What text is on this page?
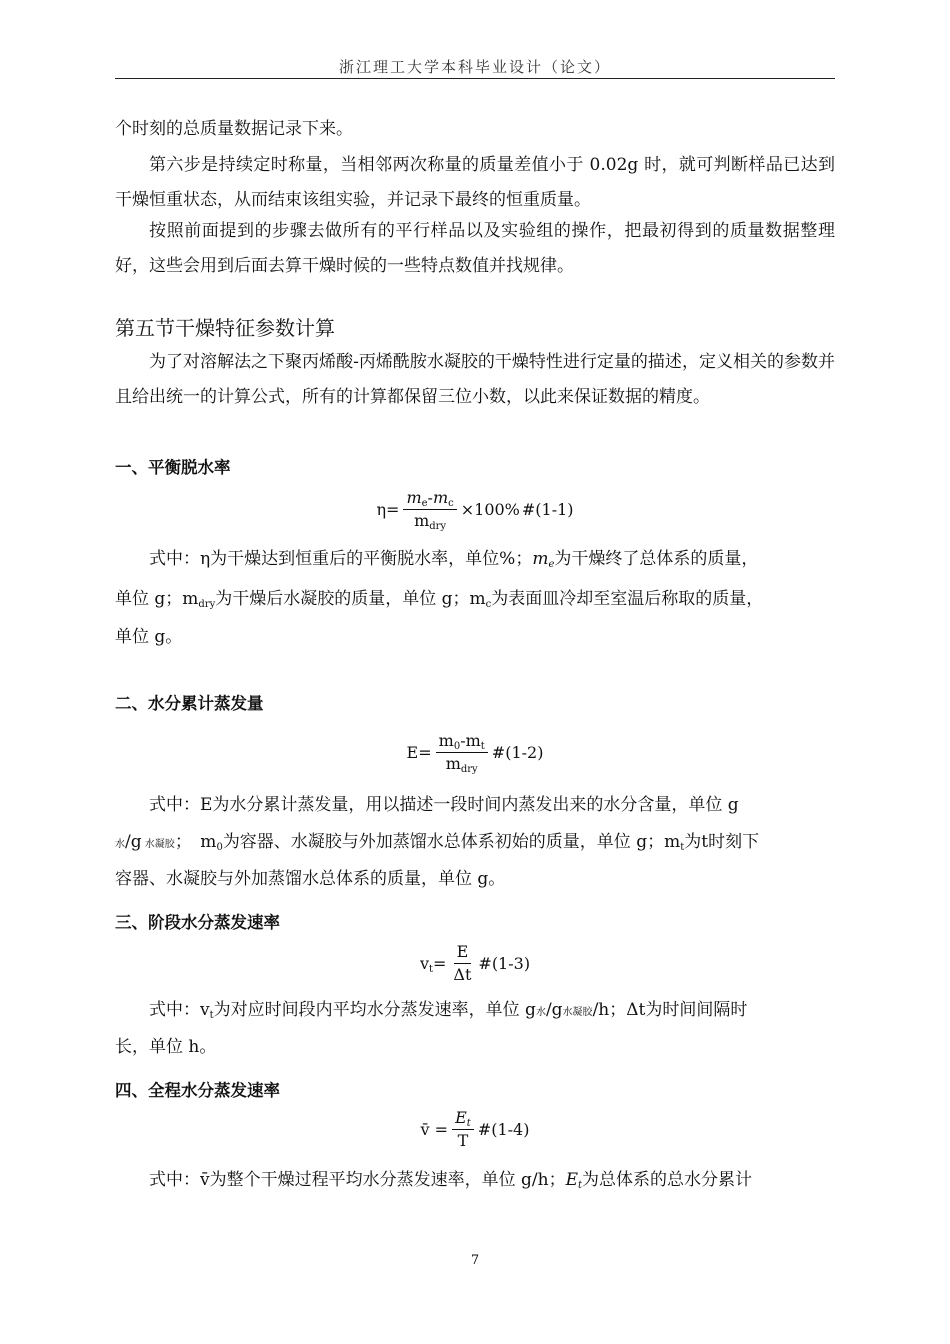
浙江理工大学本科毕业设计（论文）
个时刻的总质量数据记录下来。
第六步是持续定时称量，当相邻两次称量的质量差值小于 0.02g 时，就可判断样品已达到干燥恒重状态，从而结束该组实验，并记录下最终的恒重质量。
按照前面提到的步骤去做所有的平行样品以及实验组的操作，把最初得到的质量数据整理好，这些会用到后面去算干燥时候的一些特点数值并找规律。
第五节干燥特征参数计算
为了对溶解法之下聚丙烯酸-丙烯酰胺水凝胶的干燥特性进行定量的描述，定义相关的参数并且给出统一的计算公式，所有的计算都保留三位小数，以此来保证数据的精度。
一、平衡脱水率
$\eta= \frac{m_e-m_c}{m_{dry}} \times 100\%$ #(1-1)
式中：η为干燥达到恒重后的平衡脱水率，单位%；$m_e$为干燥终了总体系的质量，
单位 g；$m_{dry}$为干燥后水凝胶的质量，单位 g；$m_c$为表面皿冷却至室温后称取的质量，
单位 g。
二、水分累计蒸发量
$E= \frac{m_0-m_t}{m_{dry}}$ #(1-2)
式中：E为水分累计蒸发量，用以描述一段时间内蒸发出来的水分含量，单位 g
水/g 水凝胶；　$m_0$为容器、水凝胶与外加蒸馏水总体系初始的质量，单位 g；$m_t$为t时刻下
容器、水凝胶与外加蒸馏水总体系的质量，单位 g。
三、阶段水分蒸发速率
$v_t= \frac{E}{\Delta t}$ #(1-3)
式中：$v_t$为对应时间段内平均水分蒸发速率，单位 g水/g水凝胶/h；Δt为时间间隔时
长，单位 h。
四、全程水分蒸发速率
v̄ = $\frac{E_t}{T}$ #(1-4)
式中：v̄为整个干燥过程平均水分蒸发速率，单位 g/h；$E_t$为总体系的总水分累计
7
